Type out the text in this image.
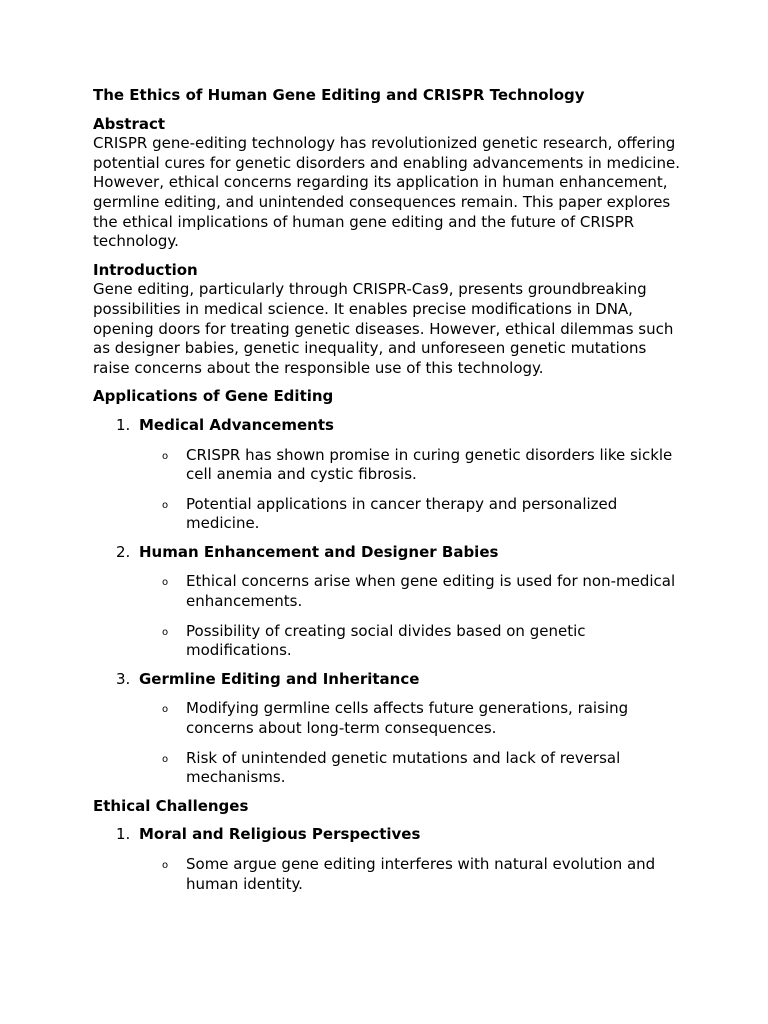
The Ethics of Human Gene Editing and CRISPR Technology

Abstract

CRISPR gene-editing technology has revolutionized genetic research, offering potential cures for genetic disorders and enabling advancements in medicine. However, ethical concerns regarding its application in human enhancement, germline editing, and unintended consequences remain. This paper explores the ethical implications of human gene editing and the future of CRISPR technology.

Introduction

Gene editing, particularly through CRISPR-Cas9, presents groundbreaking possibilities in medical science. It enables precise modifications in DNA, opening doors for treating genetic diseases. However, ethical dilemmas such as designer babies, genetic inequality, and unforeseen genetic mutations raise concerns about the responsible use of this technology.

Applications of Gene Editing

1. Medical Advancements
o CRISPR has shown promise in curing genetic disorders like sickle cell anemia and cystic fibrosis.
o Potential applications in cancer therapy and personalized medicine.
2. Human Enhancement and Designer Babies
o Ethical concerns arise when gene editing is used for non-medical enhancements.
o Possibility of creating social divides based on genetic modifications.
3. Germline Editing and Inheritance
o Modifying germline cells affects future generations, raising concerns about long-term consequences.
o Risk of unintended genetic mutations and lack of reversal mechanisms.

Ethical Challenges

1. Moral and Religious Perspectives
o Some argue gene editing interferes with natural evolution and human identity.
